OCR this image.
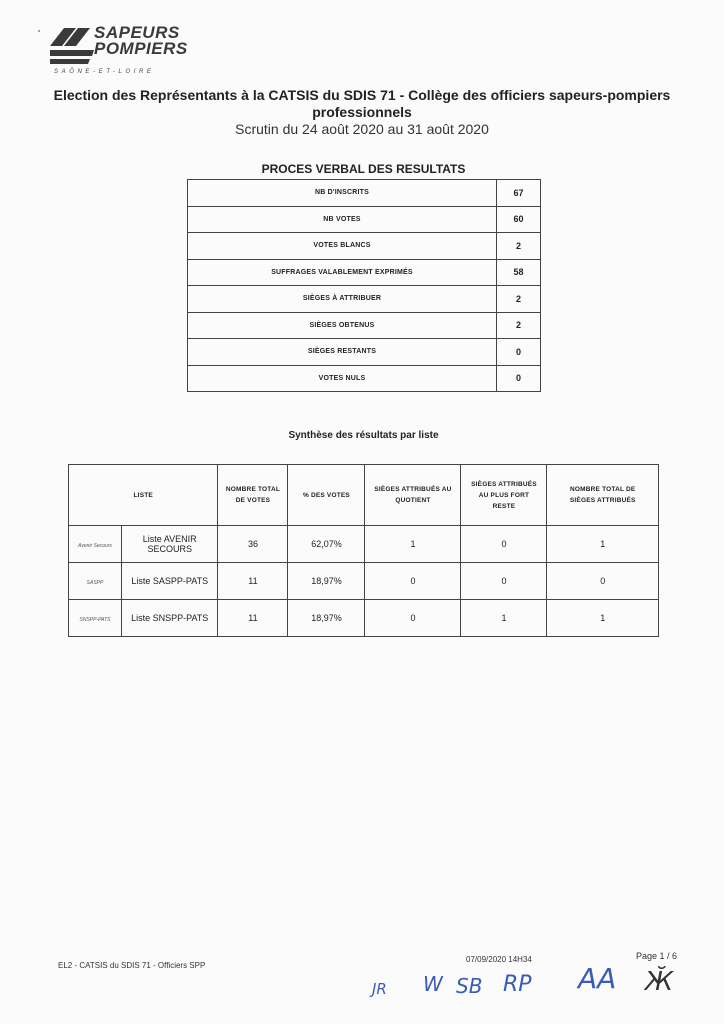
SAPEURS
POMPIERS
SAÔNE-ET-LOIRE
Election des Représentants à la CATSIS du SDIS 71 - Collège des officiers sapeurs-pompiers professionnels
Scrutin du 24 août 2020 au 31 août 2020
PROCES VERBAL DES RESULTATS
NB D'INSCRITS	67
NB VOTES	60
VOTES BLANCS	2
SUFFRAGES VALABLEMENT EXPRIMÉS	58
SIÈGES À ATTRIBUER	2
SIÈGES OBTENUS	2
SIÈGES RESTANTS	0
VOTES NULS	0
Synthèse des résultats par liste
LISTE		NOMBRE TOTAL DE VOTES	% DES VOTES	SIÈGES ATTRIBUÉS AU QUOTIENT	SIÈGES ATTRIBUÉS AU PLUS FORT RESTE	NOMBRE TOTAL DE SIÈGES ATTRIBUÉS
Avenir Secours	Liste AVENIR SECOURS	36	62,07%	1	0	1
SASPP	Liste SASPP-PATS	11	18,97%	0	0	0
SNSPP-PATS	Liste SNSPP-PATS	11	18,97%	0	1	1
EL2 - CATSIS du SDIS 71 - Officiers SPP
07/09/2020 14H34	Page 1 / 6
JR W SB RP AA Ӂ
